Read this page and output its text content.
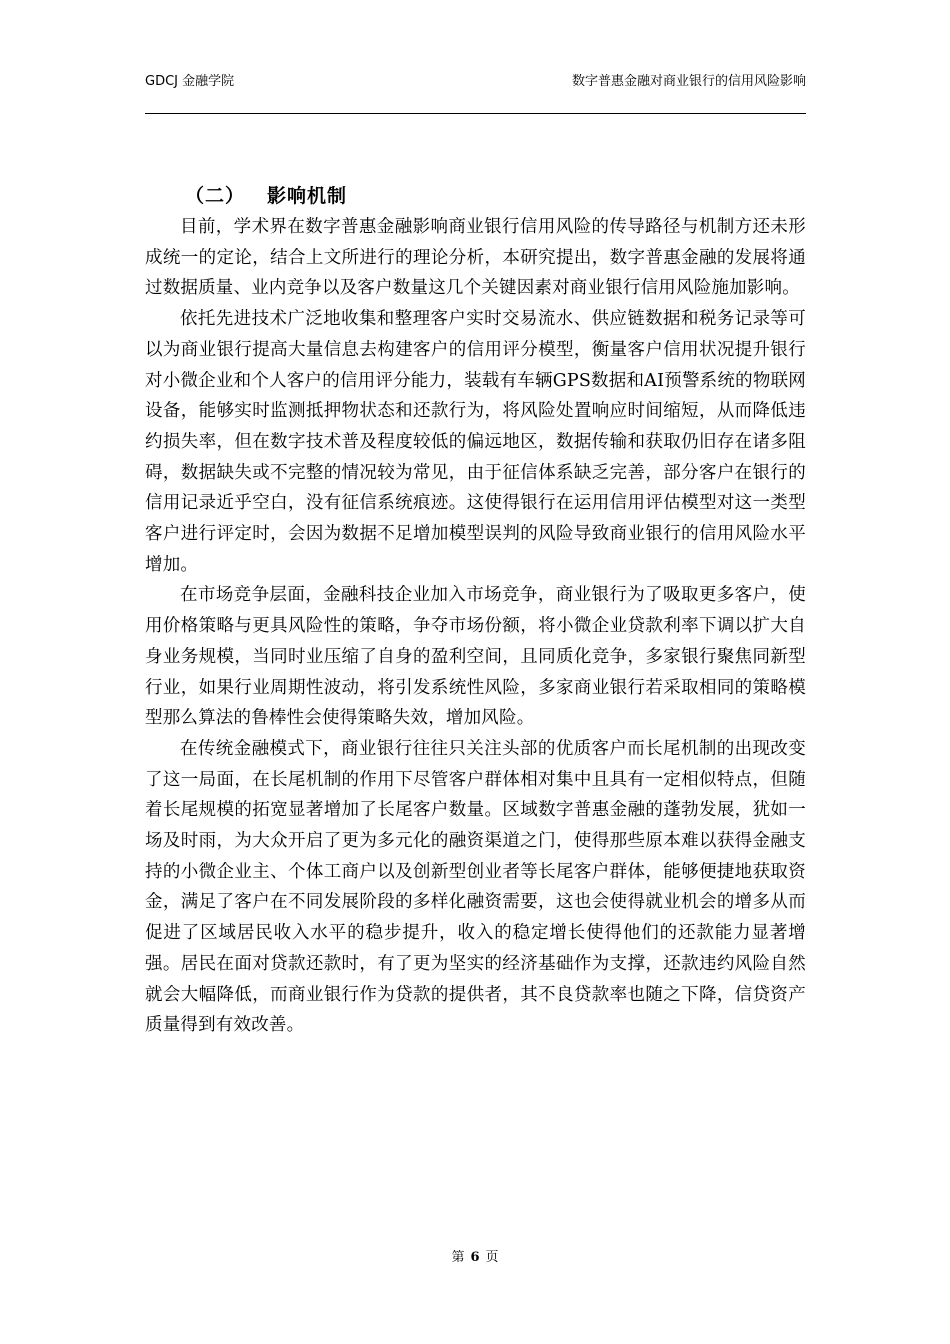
GDCJ 金融学院	数字普惠金融对商业银行的信用风险影响
（二） 影响机制

目前，学术界在数字普惠金融影响商业银行信用风险的传导路径与机制方还未形成统一的定论，结合上文所进行的理论分析，本研究提出，数字普惠金融的发展将通过数据质量、业内竞争以及客户数量这几个关键因素对商业银行信用风险施加影响。

依托先进技术广泛地收集和整理客户实时交易流水、供应链数据和税务记录等可以为商业银行提高大量信息去构建客户的信用评分模型，衡量客户信用状况提升银行对小微企业和个人客户的信用评分能力，装载有车辆GPS数据和AI预警系统的物联网设备，能够实时监测抵押物状态和还款行为，将风险处置响应时间缩短，从而降低违约损失率，但在数字技术普及程度较低的偏远地区，数据传输和获取仍旧存在诸多阻碍，数据缺失或不完整的情况较为常见，由于征信体系缺乏完善，部分客户在银行的信用记录近乎空白，没有征信系统痕迹。这使得银行在运用信用评估模型对这一类型客户进行评定时，会因为数据不足增加模型误判的风险导致商业银行的信用风险水平增加。

在市场竞争层面，金融科技企业加入市场竞争，商业银行为了吸取更多客户，使用价格策略与更具风险性的策略，争夺市场份额，将小微企业贷款利率下调以扩大自身业务规模，当同时业压缩了自身的盈利空间，且同质化竞争，多家银行聚焦同新型行业，如果行业周期性波动，将引发系统性风险，多家商业银行若采取相同的策略模型那么算法的鲁棒性会使得策略失效，增加风险。

在传统金融模式下，商业银行往往只关注头部的优质客户而长尾机制的出现改变了这一局面，在长尾机制的作用下尽管客户群体相对集中且具有一定相似特点，但随着长尾规模的拓宽显著增加了长尾客户数量。区域数字普惠金融的蓬勃发展，犹如一场及时雨，为大众开启了更为多元化的融资渠道之门，使得那些原本难以获得金融支持的小微企业主、个体工商户以及创新型创业者等长尾客户群体，能够便捷地获取资金，满足了客户在不同发展阶段的多样化融资需要，这也会使得就业机会的增多从而促进了区域居民收入水平的稳步提升，收入的稳定增长使得他们的还款能力显著增强。居民在面对贷款还款时，有了更为坚实的经济基础作为支撑，还款违约风险自然就会大幅降低，而商业银行作为贷款的提供者，其不良贷款率也随之下降，信贷资产质量得到有效改善。

第 6 页
